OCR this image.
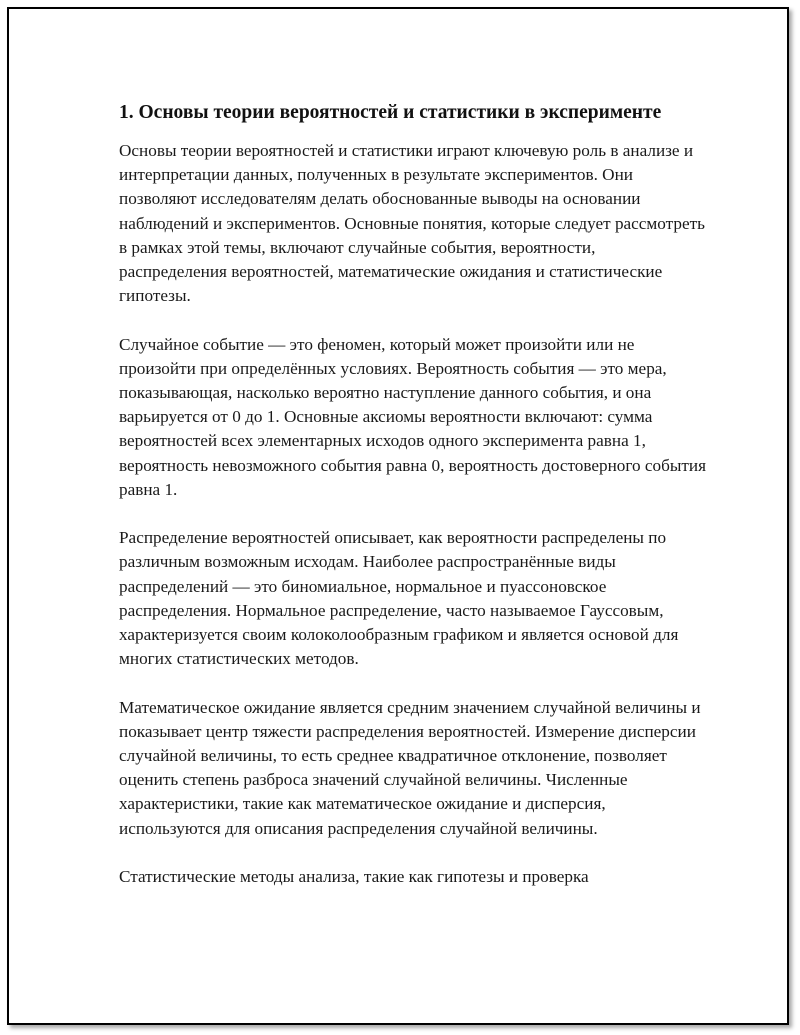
1. Основы теории вероятностей и статистики в эксперименте

Основы теории вероятностей и статистики играют ключевую роль в анализе и интерпретации данных, полученных в результате экспериментов. Они позволяют исследователям делать обоснованные выводы на основании наблюдений и экспериментов. Основные понятия, которые следует рассмотреть в рамках этой темы, включают случайные события, вероятности, распределения вероятностей, математические ожидания и статистические гипотезы.

Случайное событие — это феномен, который может произойти или не произойти при определённых условиях. Вероятность события — это мера, показывающая, насколько вероятно наступление данного события, и она варьируется от 0 до 1. Основные аксиомы вероятности включают: сумма вероятностей всех элементарных исходов одного эксперимента равна 1, вероятность невозможного события равна 0, вероятность достоверного события равна 1.

Распределение вероятностей описывает, как вероятности распределены по различным возможным исходам. Наиболее распространённые виды распределений — это биномиальное, нормальное и пуассоновское распределения. Нормальное распределение, часто называемое Гауссовым, характеризуется своим колоколообразным графиком и является основой для многих статистических методов.

Математическое ожидание является средним значением случайной величины и показывает центр тяжести распределения вероятностей. Измерение дисперсии случайной величины, то есть среднее квадратичное отклонение, позволяет оценить степень разброса значений случайной величины. Численные характеристики, такие как математическое ожидание и дисперсия, используются для описания распределения случайной величины.

Статистические методы анализа, такие как гипотезы и проверка
